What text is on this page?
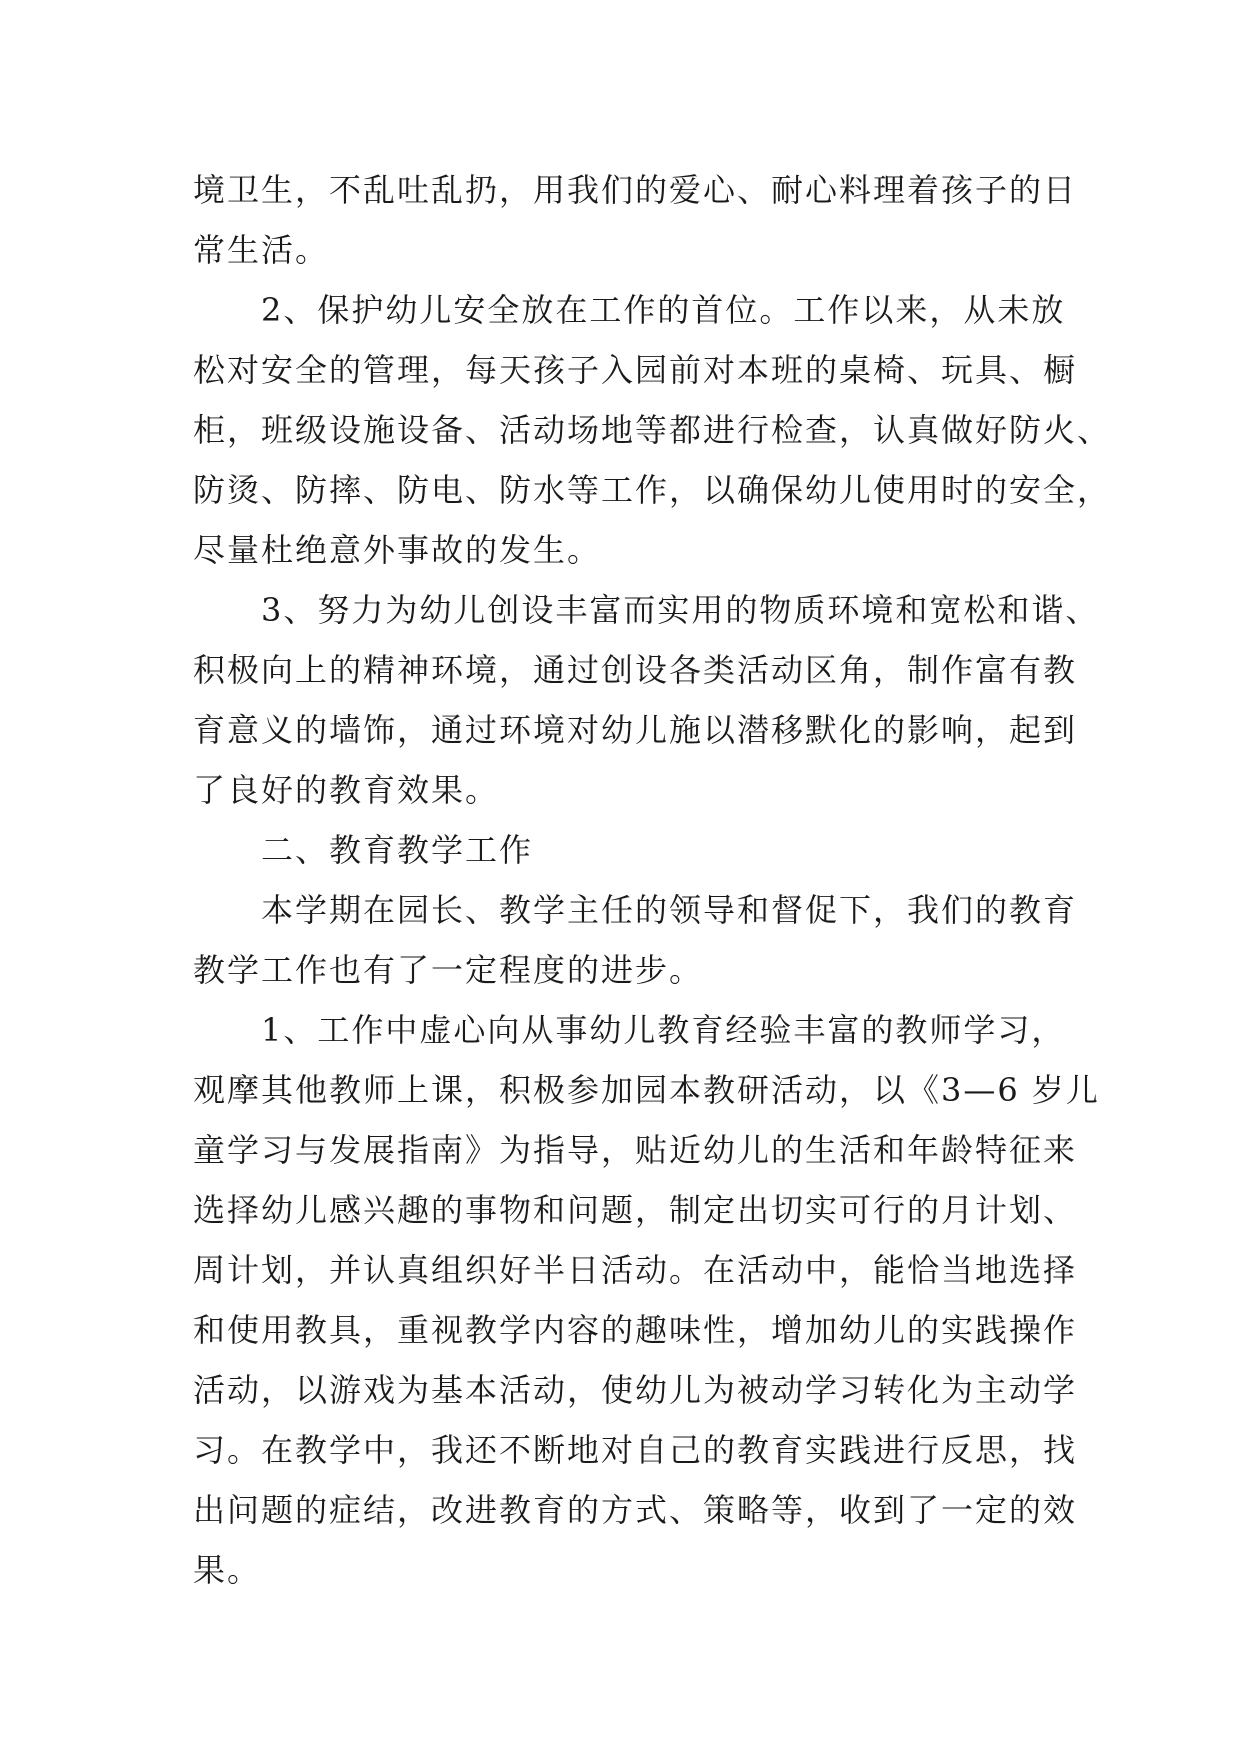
境卫生，不乱吐乱扔，用我们的爱心、耐心料理着孩子的日
常生活。
　　2、保护幼儿安全放在工作的首位。工作以来，从未放
松对安全的管理，每天孩子入园前对本班的桌椅、玩具、橱
柜，班级设施设备、活动场地等都进行检查，认真做好防火、
防烫、防摔、防电、防水等工作，以确保幼儿使用时的安全，
尽量杜绝意外事故的发生。
　　3、努力为幼儿创设丰富而实用的物质环境和宽松和谐、
积极向上的精神环境，通过创设各类活动区角，制作富有教
育意义的墙饰，通过环境对幼儿施以潜移默化的影响，起到
了良好的教育效果。
　　二、教育教学工作
　　本学期在园长、教学主任的领导和督促下，我们的教育
教学工作也有了一定程度的进步。
　　1、工作中虚心向从事幼儿教育经验丰富的教师学习，
观摩其他教师上课，积极参加园本教研活动，以《3—6 岁儿
童学习与发展指南》为指导，贴近幼儿的生活和年龄特征来
选择幼儿感兴趣的事物和问题，制定出切实可行的月计划、
周计划，并认真组织好半日活动。在活动中，能恰当地选择
和使用教具，重视教学内容的趣味性，增加幼儿的实践操作
活动，以游戏为基本活动，使幼儿为被动学习转化为主动学
习。在教学中，我还不断地对自己的教育实践进行反思，找
出问题的症结，改进教育的方式、策略等，收到了一定的效
果。
